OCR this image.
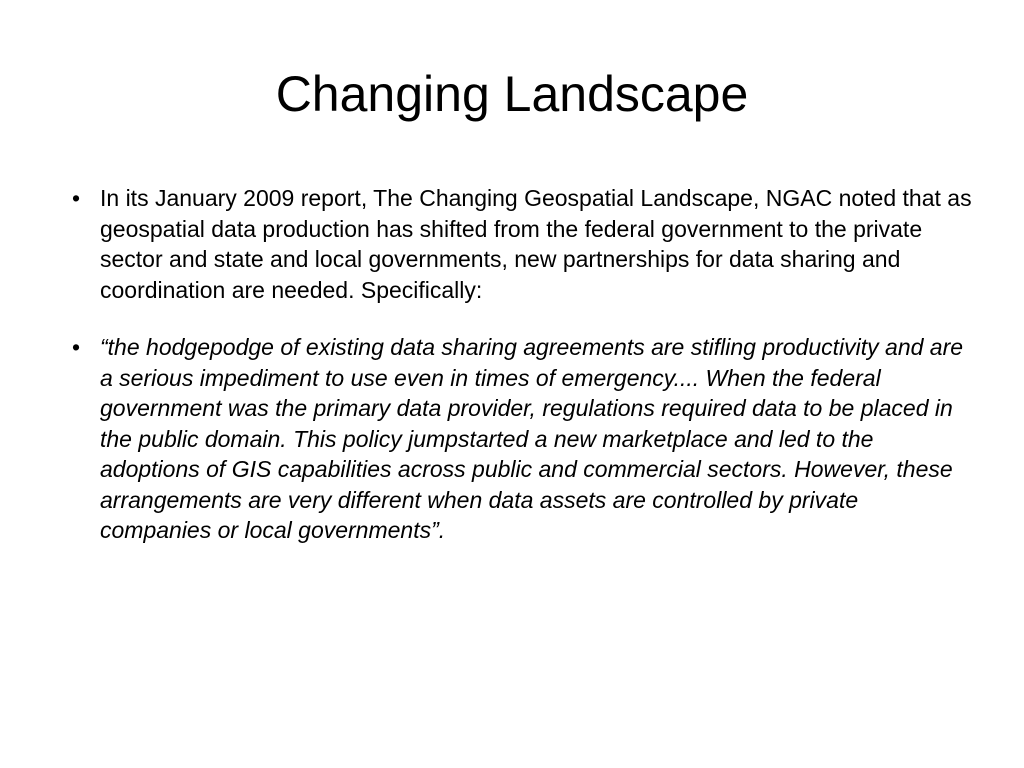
Changing Landscape
• In its January 2009 report, The Changing Geospatial Landscape, NGAC noted that as geospatial data production has shifted from the federal government to the private sector and state and local governments, new partnerships for data sharing and coordination are needed. Specifically:
• “the hodgepodge of existing data sharing agreements are stifling productivity and are a serious impediment to use even in times of emergency.... When the federal government was the primary data provider, regulations required data to be placed in the public domain. This policy jumpstarted a new marketplace and led to the adoptions of GIS capabilities across public and commercial sectors. However, these arrangements are very different when data assets are controlled by private companies or local governments”.
